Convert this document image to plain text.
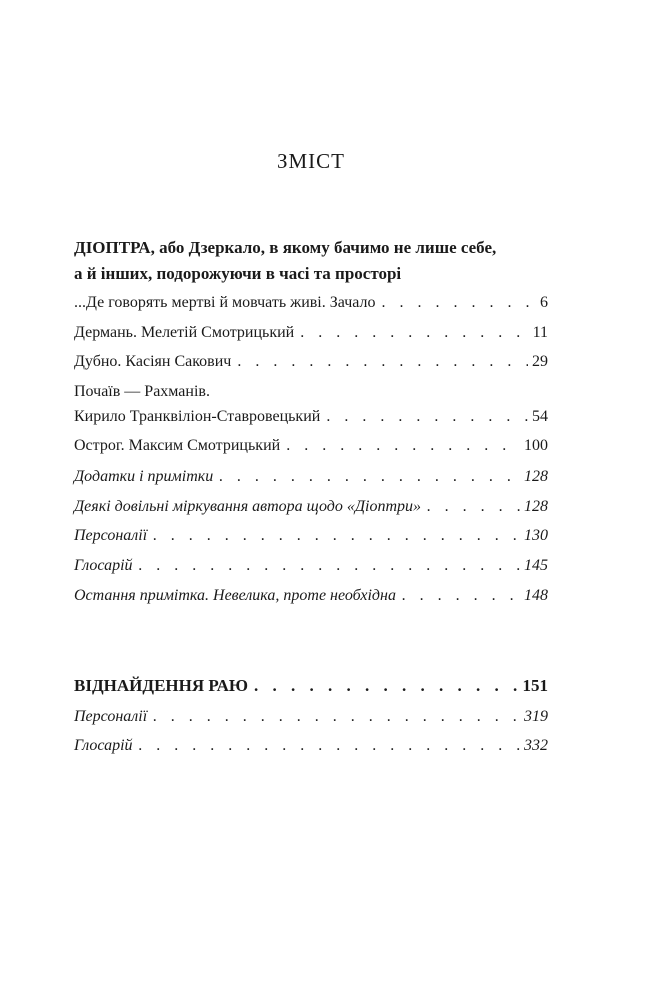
ЗМІСТ
ДІОПТРА, або Дзеркало, в якому бачимо не лише себе,
а й інших, подорожуючи в часі та просторі
...Де говорять мертві й мовчать живі. Зачало . . .	6
Дермань. Мелетій Смотрицький . . .	11
Дубно. Касіян Сакович . . .	29
Почаїв — Рахманів.
Кирило Транквіліон-Ставровецький . . .	54
Острог. Максим Смотрицький . . .	100
Додатки і примітки . . .	128
Деякі довільні міркування автора щодо «Діоптри» . . .	128
Персоналії . . .	130
Глосарій . . .	145
Остання примітка. Невелика, проте необхідна . . .	148
ВІДНАЙДЕННЯ РАЮ . . .	151
Персоналії . . .	319
Глосарій . . .	332
